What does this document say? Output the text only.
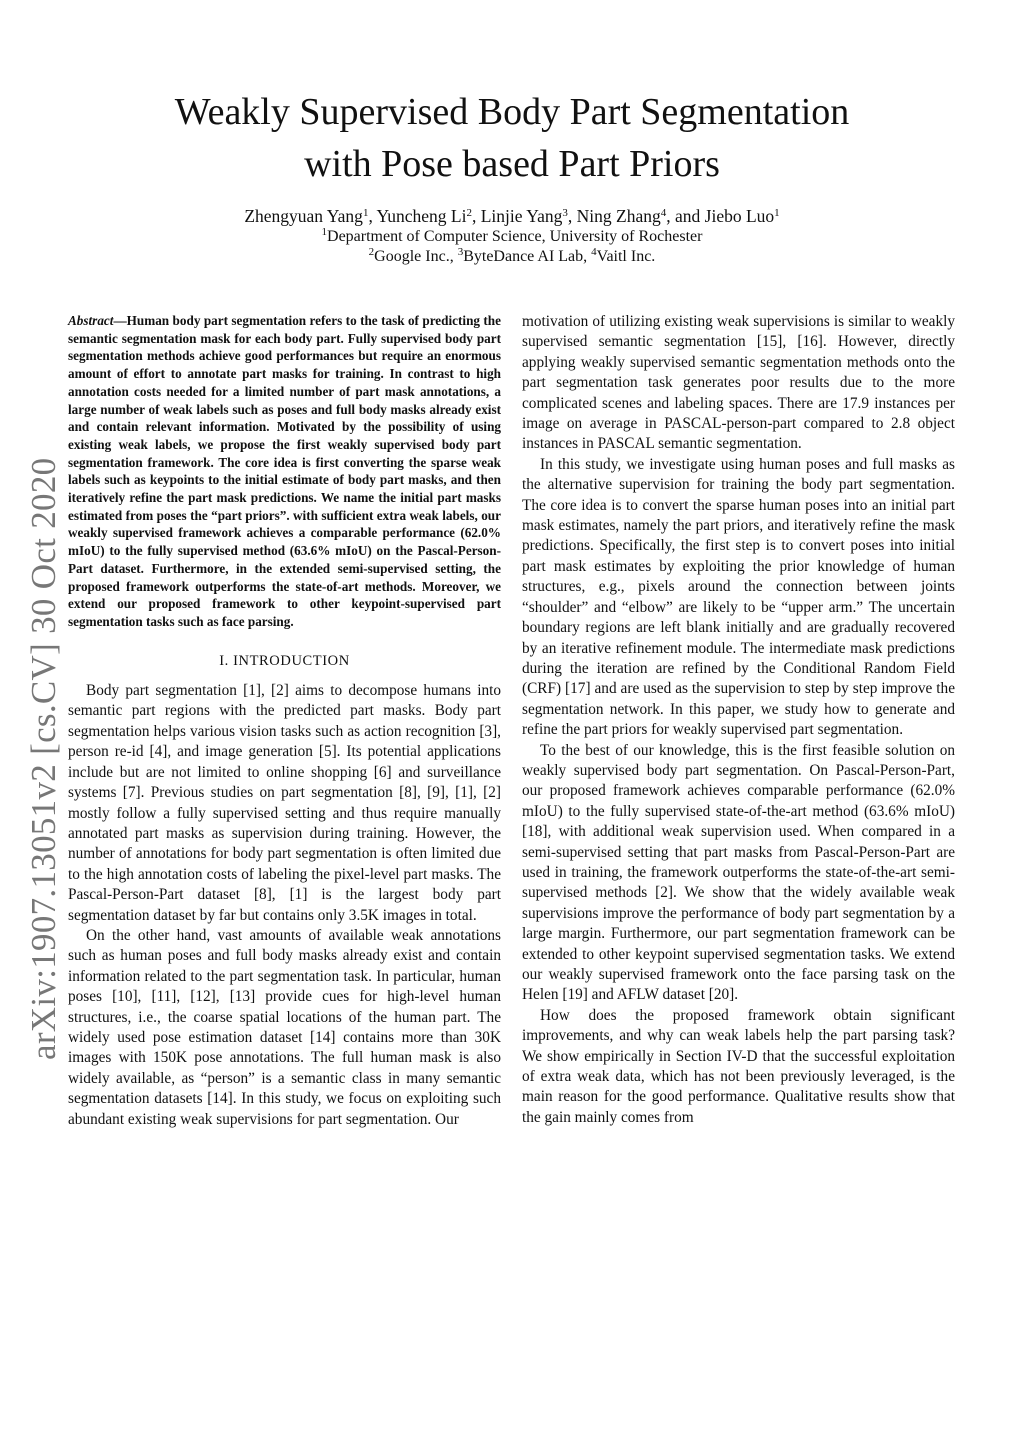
arXiv:1907.13051v2 [cs.CV] 30 Oct 2020
Weakly Supervised Body Part Segmentation
with Pose based Part Priors
Zhengyuan Yang$^1$, Yuncheng Li$^2$, Linjie Yang$^3$, Ning Zhang$^4$, and Jiebo Luo$^1$
$^1$Department of Computer Science, University of Rochester
$^2$Google Inc., $^3$ByteDance AI Lab, $^4$Vaitl Inc.

Abstract—Human body part segmentation refers to the task of predicting the semantic segmentation mask for each body part. Fully supervised body part segmentation methods achieve good performances but require an enormous amount of effort to annotate part masks for training. In contrast to high annotation costs needed for a limited number of part mask annotations, a large number of weak labels such as poses and full body masks already exist and contain relevant information. Motivated by the possibility of using existing weak labels, we propose the first weakly supervised body part segmentation framework. The core idea is first converting the sparse weak labels such as keypoints to the initial estimate of body part masks, and then iteratively refine the part mask predictions. We name the initial part masks estimated from poses the “part priors”. with sufficient extra weak labels, our weakly supervised framework achieves a comparable performance (62.0% mIoU) to the fully supervised method (63.6% mIoU) on the Pascal-Person-Part dataset. Furthermore, in the extended semi-supervised setting, the proposed framework outperforms the state-of-art methods. Moreover, we extend our proposed framework to other keypoint-supervised part segmentation tasks such as face parsing.

I. INTRODUCTION

Body part segmentation [1], [2] aims to decompose humans into semantic part regions with the predicted part masks. Body part segmentation helps various vision tasks such as action recognition [3], person re-id [4], and image generation [5]. Its potential applications include but are not limited to online shopping [6] and surveillance systems [7]. Previous studies on part segmentation [8], [9], [1], [2] mostly follow a fully supervised setting and thus require manually annotated part masks as supervision during training. However, the number of annotations for body part segmentation is often limited due to the high annotation costs of labeling the pixel-level part masks. The Pascal-Person-Part dataset [8], [1] is the largest body part segmentation dataset by far but contains only 3.5K images in total.

On the other hand, vast amounts of available weak annotations such as human poses and full body masks already exist and contain information related to the part segmentation task. In particular, human poses [10], [11], [12], [13] provide cues for high-level human structures, i.e., the coarse spatial locations of the human part. The widely used pose estimation dataset [14] contains more than 30K images with 150K pose annotations. The full human mask is also widely available, as “person” is a semantic class in many semantic segmentation datasets [14]. In this study, we focus on exploiting such abundant existing weak supervisions for part segmentation. Our

motivation of utilizing existing weak supervisions is similar to weakly supervised semantic segmentation [15], [16]. However, directly applying weakly supervised semantic segmentation methods onto the part segmentation task generates poor results due to the more complicated scenes and labeling spaces. There are 17.9 instances per image on average in PASCAL-person-part compared to 2.8 object instances in PASCAL semantic segmentation.

In this study, we investigate using human poses and full masks as the alternative supervision for training the body part segmentation. The core idea is to convert the sparse human poses into an initial part mask estimates, namely the part priors, and iteratively refine the mask predictions. Specifically, the first step is to convert poses into initial part mask estimates by exploiting the prior knowledge of human structures, e.g., pixels around the connection between joints “shoulder” and “elbow” are likely to be “upper arm.” The uncertain boundary regions are left blank initially and are gradually recovered by an iterative refinement module. The intermediate mask predictions during the iteration are refined by the Conditional Random Field (CRF) [17] and are used as the supervision to step by step improve the segmentation network. In this paper, we study how to generate and refine the part priors for weakly supervised part segmentation.

To the best of our knowledge, this is the first feasible solution on weakly supervised body part segmentation. On Pascal-Person-Part, our proposed framework achieves comparable performance (62.0% mIoU) to the fully supervised state-of-the-art method (63.6% mIoU) [18], with additional weak supervision used. When compared in a semi-supervised setting that part masks from Pascal-Person-Part are used in training, the framework outperforms the state-of-the-art semi-supervised methods [2]. We show that the widely available weak supervisions improve the performance of body part segmentation by a large margin. Furthermore, our part segmentation framework can be extended to other keypoint supervised segmentation tasks. We extend our weakly supervised framework onto the face parsing task on the Helen [19] and AFLW dataset [20].

How does the proposed framework obtain significant improvements, and why can weak labels help the part parsing task? We show empirically in Section IV-D that the successful exploitation of extra weak data, which has not been previously leveraged, is the main reason for the good performance. Qualitative results show that the gain mainly comes from
